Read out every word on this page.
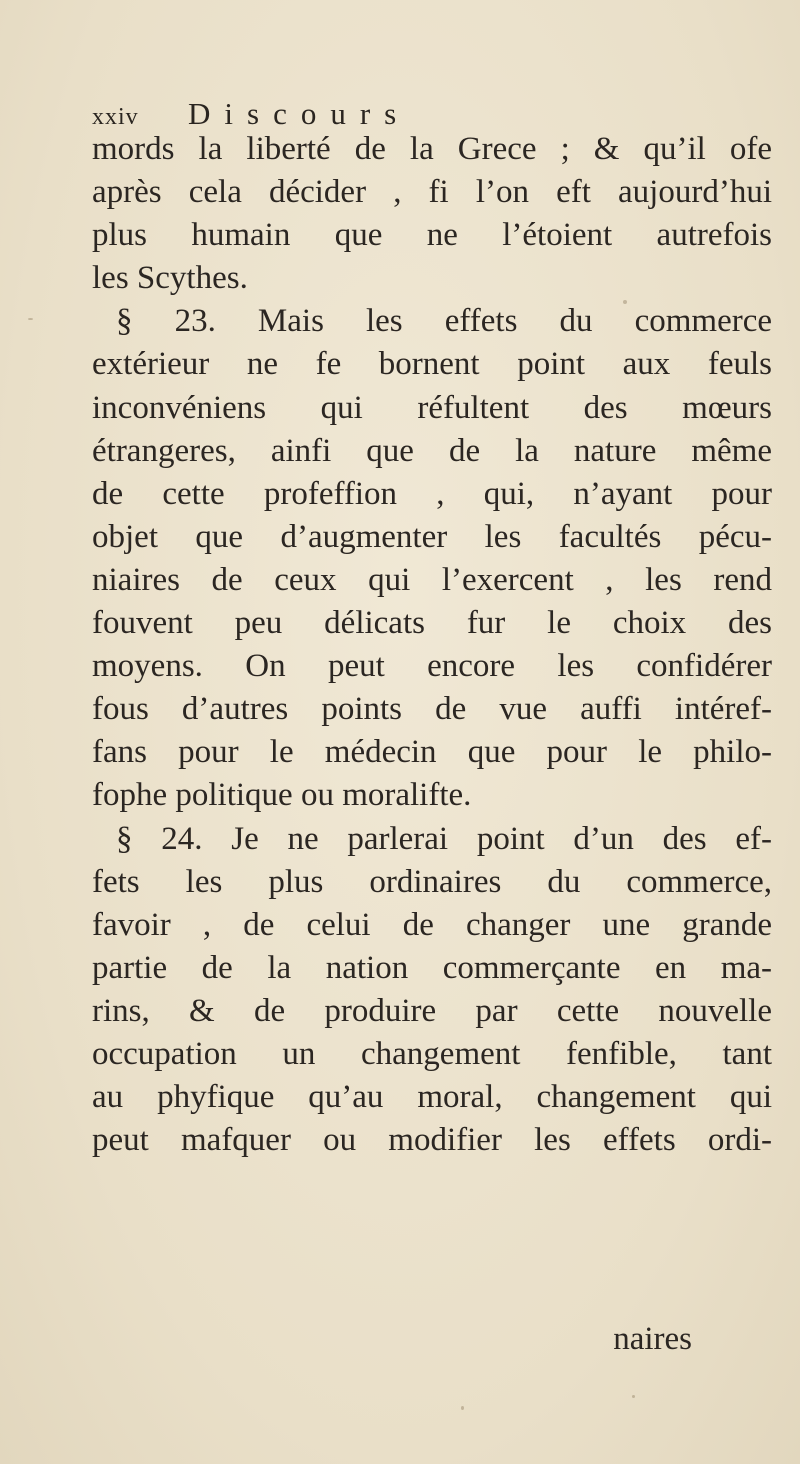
xxiv Discours
mords la liberté de la Grece ; & qu’il ofe
après cela décider , fi l’on eft aujourd’hui
plus humain que ne l’étoient autrefois
les Scythes.
§ 23. Mais les effets du commerce
extérieur ne fe bornent point aux feuls
inconvéniens qui réfultent des mœurs
étrangeres, ainfi que de la nature même
de cette profeffion , qui, n’ayant pour
objet que d’augmenter les facultés pécu-
niaires de ceux qui l’exercent , les rend
fouvent peu délicats fur le choix des
moyens. On peut encore les confidérer
fous d’autres points de vue auffi intéref-
fans pour le médecin que pour le philo-
fophe politique ou moralifte.
§ 24. Je ne parlerai point d’un des ef-
fets les plus ordinaires du commerce,
favoir , de celui de changer une grande
partie de la nation commerçante en ma-
rins, & de produire par cette nouvelle
occupation un changement fenfible, tant
au phyfique qu’au moral, changement qui
peut mafquer ou modifier les effets ordi-
naires
